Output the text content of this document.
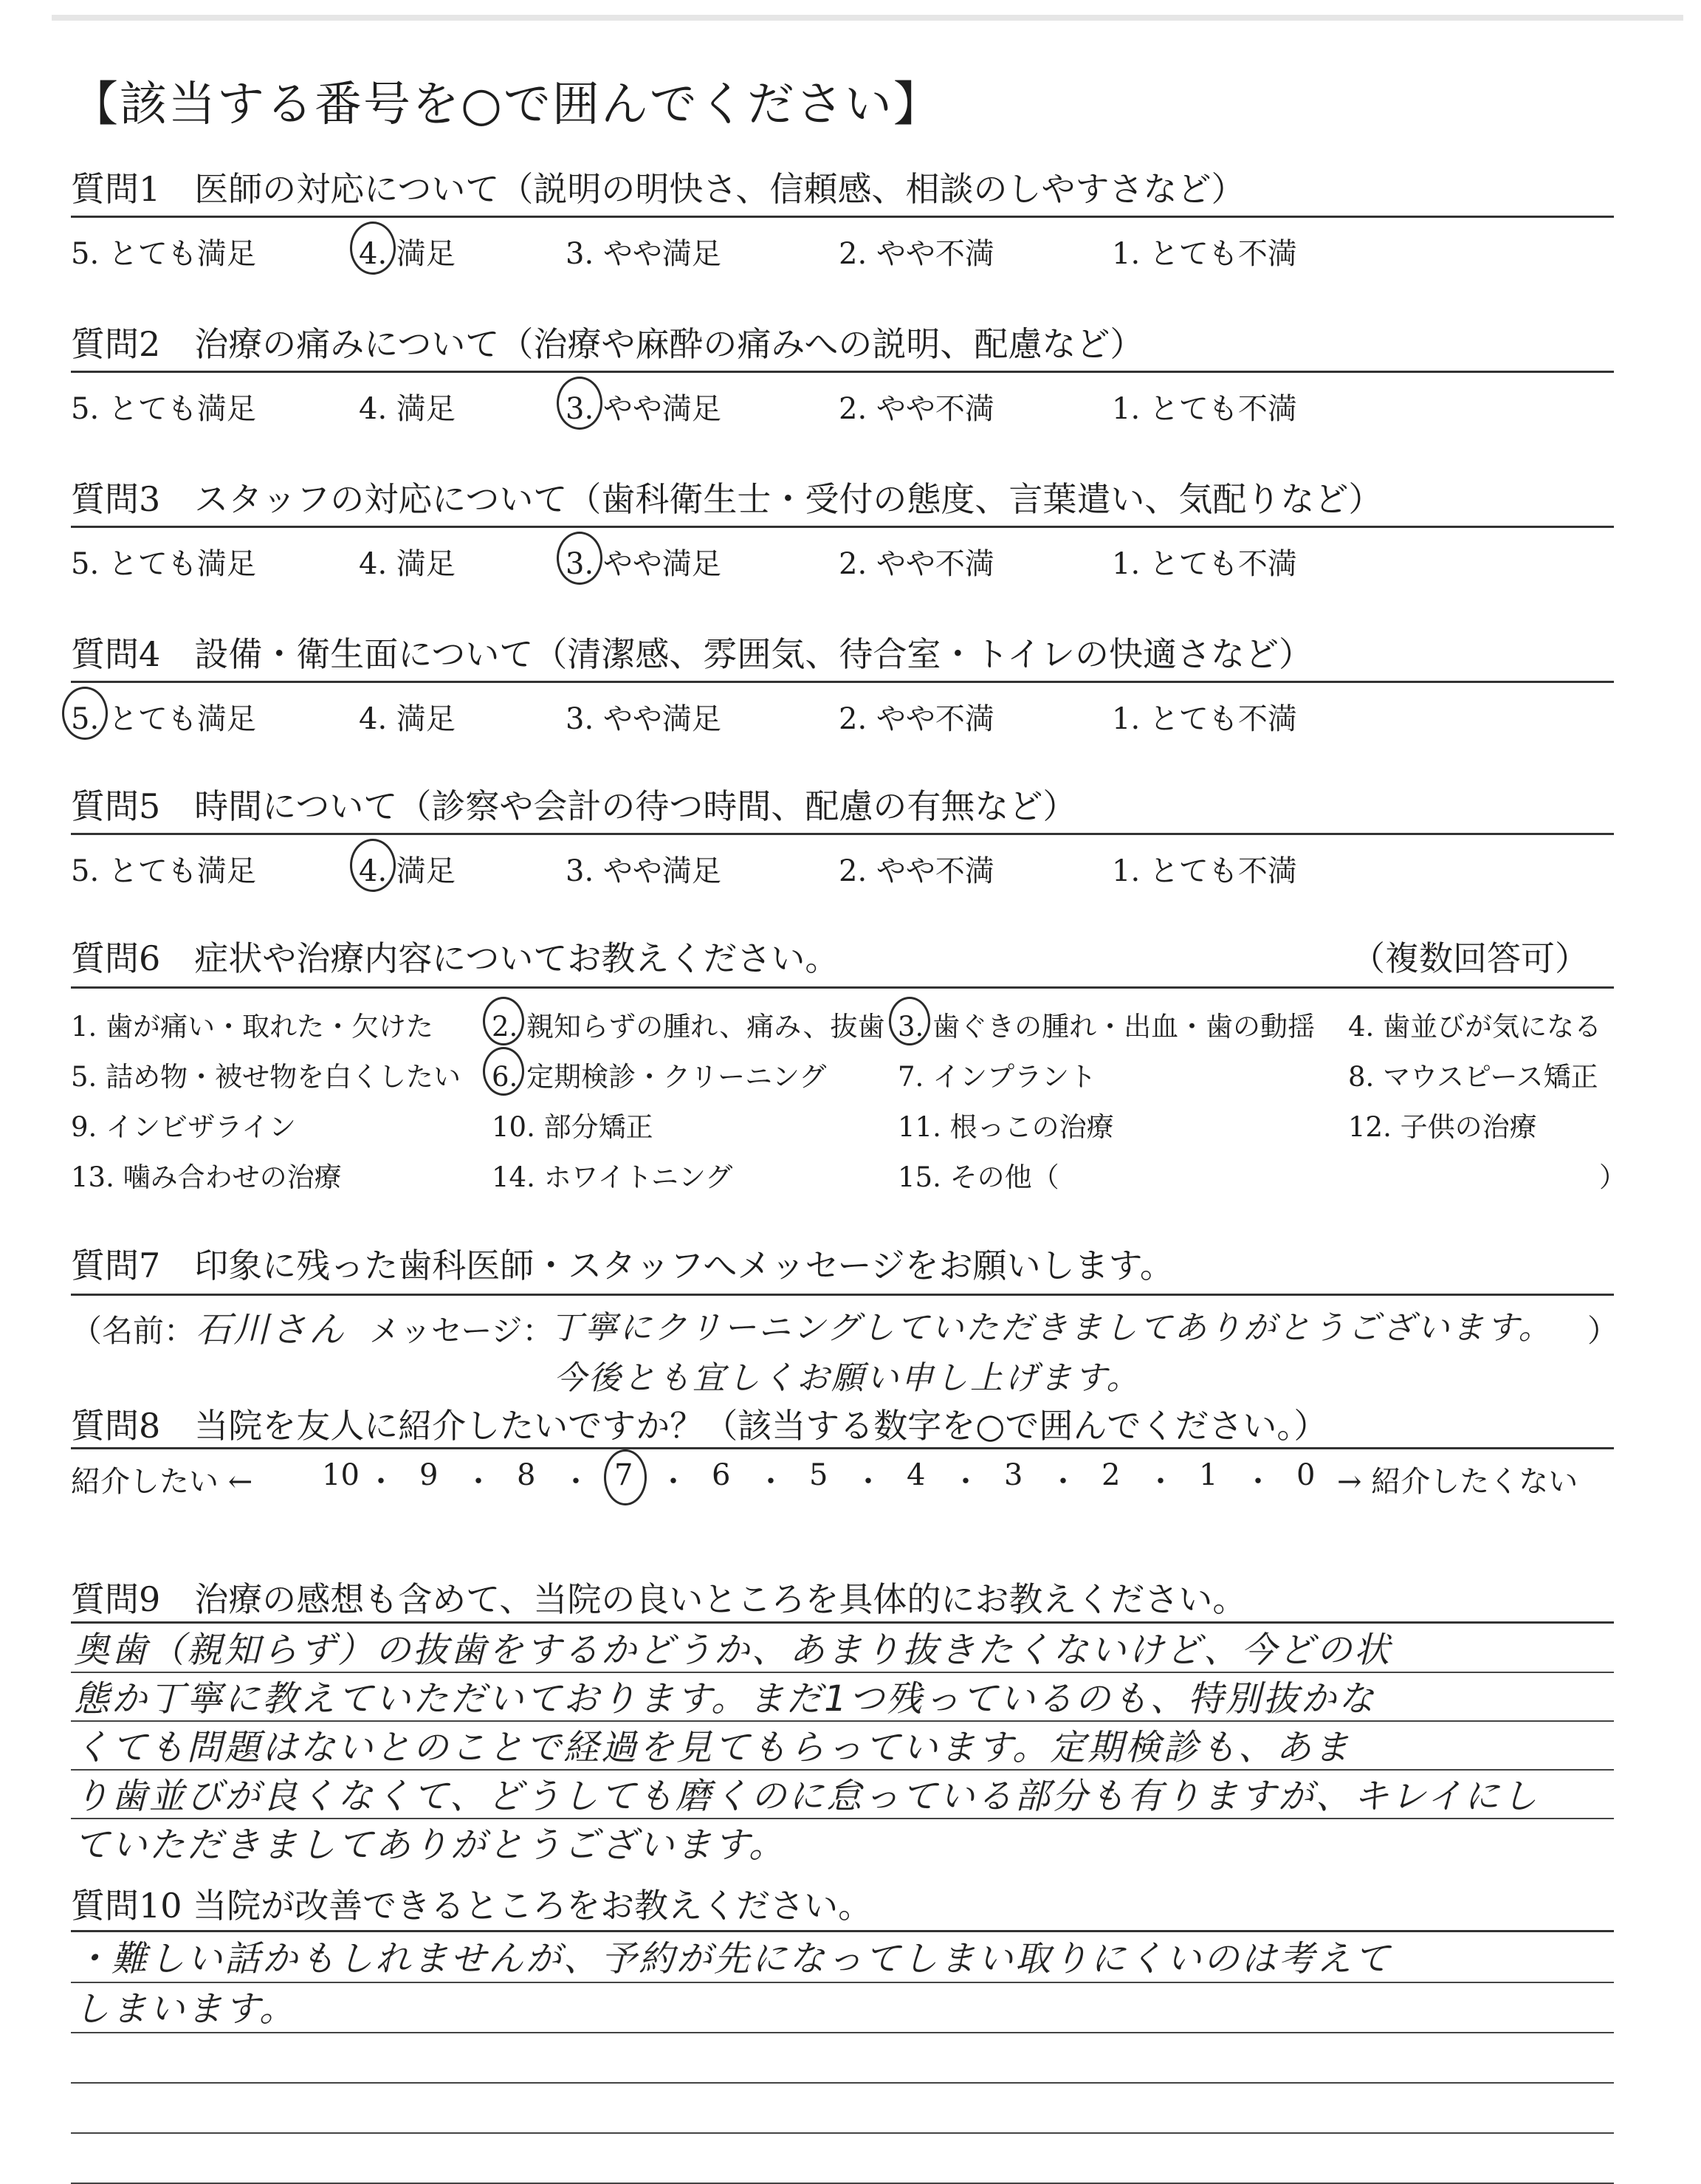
【該当する番号を○で囲んでください】
質問1　医師の対応について（説明の明快さ、信頼感、相談のしやすさなど）
5. とても満足	4. 満足	3. やや満足	2. やや不満	1. とても不満
質問2　治療の痛みについて（治療や麻酔の痛みへの説明、配慮など）
5. とても満足	4. 満足	3. やや満足	2. やや不満	1. とても不満
質問3　スタッフの対応について（歯科衛生士・受付の態度、言葉遣い、気配りなど）
5. とても満足	4. 満足	3. やや満足	2. やや不満	1. とても不満
質問4　設備・衛生面について（清潔感、雰囲気、待合室・トイレの快適さなど）
5. とても満足	4. 満足	3. やや満足	2. やや不満	1. とても不満
質問5　時間について（診察や会計の待つ時間、配慮の有無など）
5. とても満足	4. 満足	3. やや満足	2. やや不満	1. とても不満
質問6　症状や治療内容についてお教えください。	（複数回答可）
1. 歯が痛い・取れた・欠けた 2. 親知らずの腫れ、痛み、抜歯 3. 歯ぐきの腫れ・出血・歯の動揺 4. 歯並びが気になる
5. 詰め物・被せ物を白くしたい 6. 定期検診・クリーニング	7. インプラント	8. マウスピース矯正
9. インビザライン	10. 部分矯正	11. 根っこの治療	12. 子供の治療
13. 噛み合わせの治療	14. ホワイトニング	15. その他（	）
質問7　印象に残った歯科医師・スタッフへメッセージをお願いします。
（名前： 石川さん メッセージ：
丁寧にクリーニングしていただきましてありがとうございます。 ）
今後とも宜しくお願い申し上げます。
質問8　当院を友人に紹介したいですか？（該当する数字を○で囲んでください。）
紹介したい ← 10 ・ 9 ・ 8 ・ 7 ・ 6 ・ 5 ・ 4 ・ 3 ・ 2 ・ 1 ・ 0 → 紹介したくない
質問9　治療の感想も含めて、当院の良いところを具体的にお教えください。
奥歯（親知らず）の抜歯をするかどうか、あまり抜きたくないけど、今どの状
態か丁寧に教えていただいております。まだ1つ残っているのも、特別抜かな
くても問題はないとのことで経過を見てもらっています。定期検診も、あま
り歯並びが良くなくて、どうしても磨くのに怠っている部分も有りますが、キレイにし
ていただきましてありがとうございます。
質問10 当院が改善できるところをお教えください。
・難しい話かもしれませんが、予約が先になってしまい取りにくいのは考えて
しまいます。
